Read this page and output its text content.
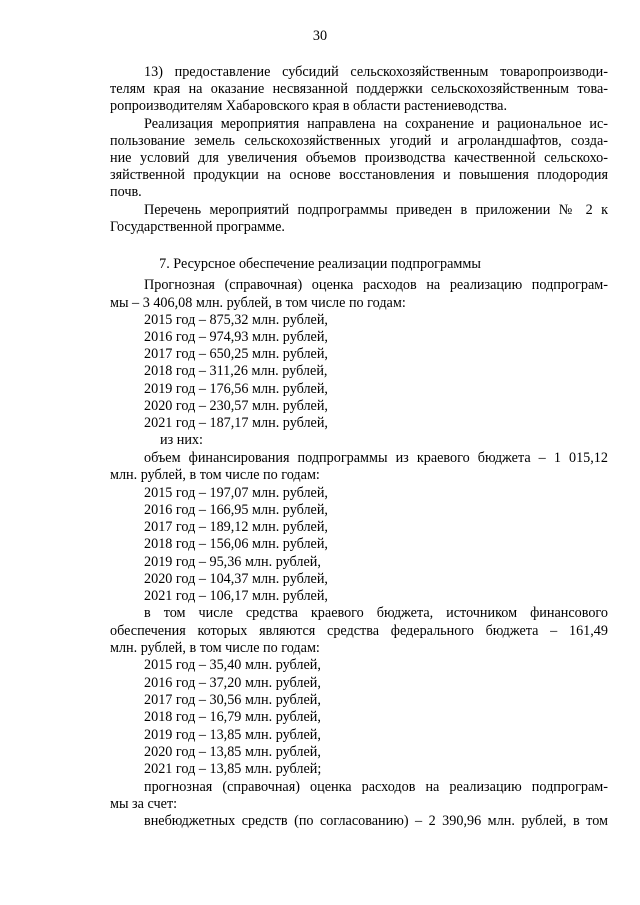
30
13) предоставление субсидий сельскохозяйственным товаропроизводи-
телям края на оказание несвязанной поддержки сельскохозяйственным това-
ропроизводителям Хабаровского края в области растениеводства.
Реализация мероприятия направлена на сохранение и рациональное ис-
пользование земель сельскохозяйственных угодий и агроландшафтов, созда-
ние условий для увеличения объемов производства качественной сельскохо-
зяйственной продукции на основе восстановления и повышения плодородия
почв.
Перечень мероприятий подпрограммы приведен в приложении № 2 к
Государственной программе.
7. Ресурсное обеспечение реализации подпрограммы
Прогнозная (справочная) оценка расходов на реализацию подпрограм-
мы – 3 406,08 млн. рублей, в том числе по годам:
2015 год – 875,32 млн. рублей,
2016 год – 974,93 млн. рублей,
2017 год – 650,25 млн. рублей,
2018 год – 311,26 млн. рублей,
2019 год – 176,56 млн. рублей,
2020 год – 230,57 млн. рублей,
2021 год – 187,17 млн. рублей,
из них:
объем финансирования подпрограммы из краевого бюджета – 1 015,12
млн. рублей, в том числе по годам:
2015 год – 197,07 млн. рублей,
2016 год – 166,95 млн. рублей,
2017 год – 189,12 млн. рублей,
2018 год – 156,06 млн. рублей,
2019 год – 95,36 млн. рублей,
2020 год – 104,37 млн. рублей,
2021 год – 106,17 млн. рублей,
в том числе средства краевого бюджета, источником финансового
обеспечения которых являются средства федерального бюджета – 161,49
млн. рублей, в том числе по годам:
2015 год – 35,40 млн. рублей,
2016 год – 37,20 млн. рублей,
2017 год – 30,56 млн. рублей,
2018 год – 16,79 млн. рублей,
2019 год – 13,85 млн. рублей,
2020 год – 13,85 млн. рублей,
2021 год – 13,85 млн. рублей;
прогнозная (справочная) оценка расходов на реализацию подпрограм-
мы за счет:
внебюджетных средств (по согласованию) – 2 390,96 млн. рублей, в том
